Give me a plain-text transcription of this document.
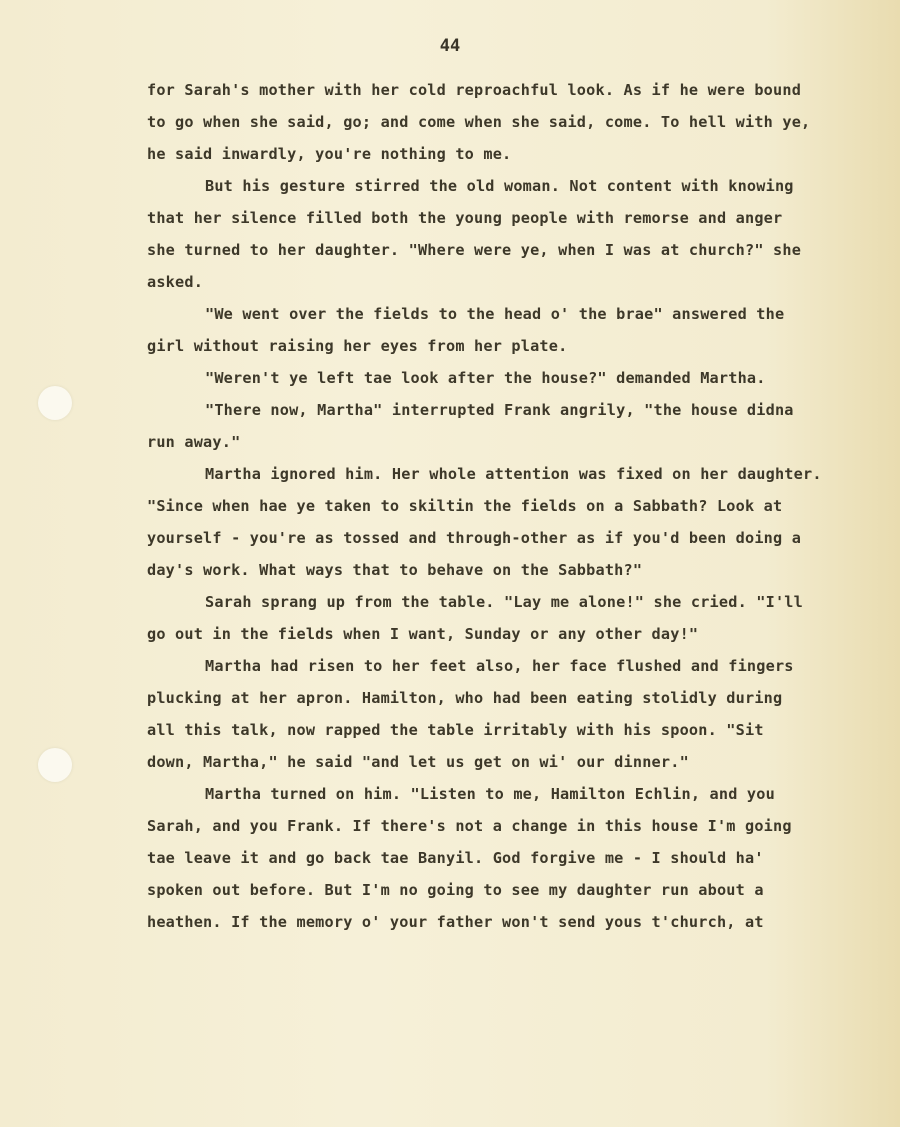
44
for Sarah's mother with her cold reproachful look. As if he were bound
to go when she said, go; and come when she said, come. To hell with ye,
he said inwardly, you're nothing to me.
But his gesture stirred the old woman. Not content with knowing
that her silence filled both the young people with remorse and anger
she turned to her daughter. "Where were ye, when I was at church?" she
asked.
"We went over the fields to the head o' the brae" answered the
girl without raising her eyes from her plate.
"Weren't ye left tae look after the house?" demanded Martha.
"There now, Martha" interrupted Frank angrily, "the house didna
run away."
Martha ignored him. Her whole attention was fixed on her daughter.
"Since when hae ye taken to skiltin the fields on a Sabbath? Look at
yourself - you're as tossed and through-other as if you'd been doing a
day's work. What ways that to behave on the Sabbath?"
Sarah sprang up from the table. "Lay me alone!" she cried. "I'll
go out in the fields when I want, Sunday or any other day!"
Martha had risen to her feet also, her face flushed and fingers
plucking at her apron. Hamilton, who had been eating stolidly during
all this talk, now rapped the table irritably with his spoon. "Sit
down, Martha," he said "and let us get on wi' our dinner."
Martha turned on him. "Listen to me, Hamilton Echlin, and you
Sarah, and you Frank. If there's not a change in this house I'm going
tae leave it and go back tae Banyil. God forgive me - I should ha'
spoken out before. But I'm no going to see my daughter run about a
heathen. If the memory o' your father won't send yous t'church, at
